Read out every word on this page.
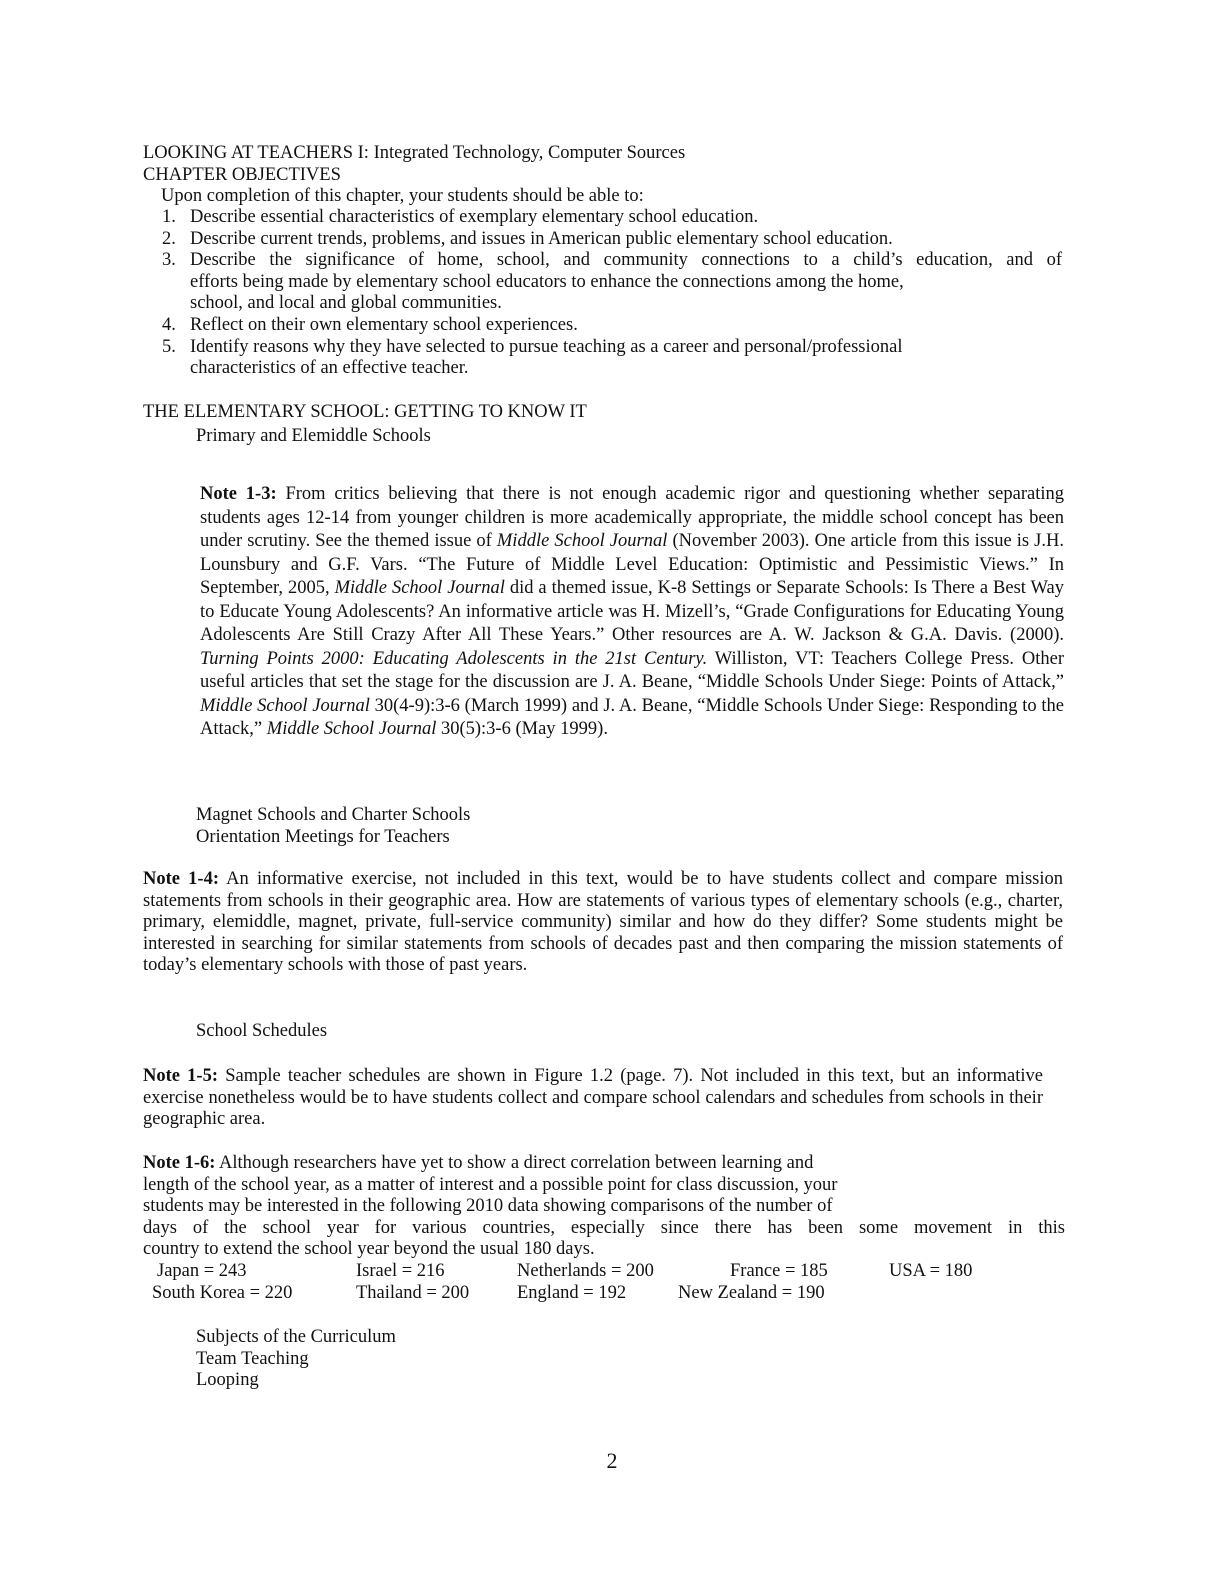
LOOKING AT TEACHERS I: Integrated Technology, Computer Sources
CHAPTER OBJECTIVES
Upon completion of this chapter, your students should be able to:
1. Describe essential characteristics of exemplary elementary school education.
2. Describe current trends, problems, and issues in American public elementary school education.
3. Describe the significance of home, school, and community connections to a child’s education, and of
efforts being made by elementary school educators to enhance the connections among the home,
school, and local and global communities.
4. Reflect on their own elementary school experiences.
5. Identify reasons why they have selected to pursue teaching as a career and personal/professional
characteristics of an effective teacher.
THE ELEMENTARY SCHOOL: GETTING TO KNOW IT
Primary and Elemiddle Schools
Note 1-3: From critics believing that there is not enough academic rigor and questioning whether separating students ages 12-14 from younger children is more academically appropriate, the middle school concept has been under scrutiny. See the themed issue of Middle School Journal (November 2003). One article from this issue is J.H. Lounsbury and G.F. Vars. “The Future of Middle Level Education: Optimistic and Pessimistic Views.” In September, 2005, Middle School Journal did a themed issue, K-8 Settings or Separate Schools: Is There a Best Way to Educate Young Adolescents? An informative article was H. Mizell’s, “Grade Configurations for Educating Young Adolescents Are Still Crazy After All These Years.” Other resources are A. W. Jackson & G.A. Davis. (2000). Turning Points 2000: Educating Adolescents in the 21st Century. Williston, VT: Teachers College Press. Other useful articles that set the stage for the discussion are J. A. Beane, “Middle Schools Under Siege: Points of Attack,” Middle School Journal 30(4-9):3-6 (March 1999) and J. A. Beane, “Middle Schools Under Siege: Responding to the Attack,” Middle School Journal 30(5):3-6 (May 1999).
Magnet Schools and Charter Schools
Orientation Meetings for Teachers
Note 1-4: An informative exercise, not included in this text, would be to have students collect and compare mission statements from schools in their geographic area. How are statements of various types of elementary schools (e.g., charter, primary, elemiddle, magnet, private, full-service community) similar and how do they differ? Some students might be interested in searching for similar statements from schools of decades past and then comparing the mission statements of today’s elementary schools with those of past years.
School Schedules
Note 1-5: Sample teacher schedules are shown in Figure 1.2 (page. 7). Not included in this text, but an informative exercise nonetheless would be to have students collect and compare school calendars and schedules from schools in their geographic area.
Note 1-6: Although researchers have yet to show a direct correlation between learning and
length of the school year, as a matter of interest and a possible point for class discussion, your
students may be interested in the following 2010 data showing comparisons of the number of
days of the school year for various countries, especially since there has been some movement in this
country to extend the school year beyond the usual 180 days.
Japan = 243	Israel = 216	Netherlands = 200	France = 185	USA = 180
South Korea = 220	Thailand = 200	England = 192	New Zealand = 190
Subjects of the Curriculum
Team Teaching
Looping
2
